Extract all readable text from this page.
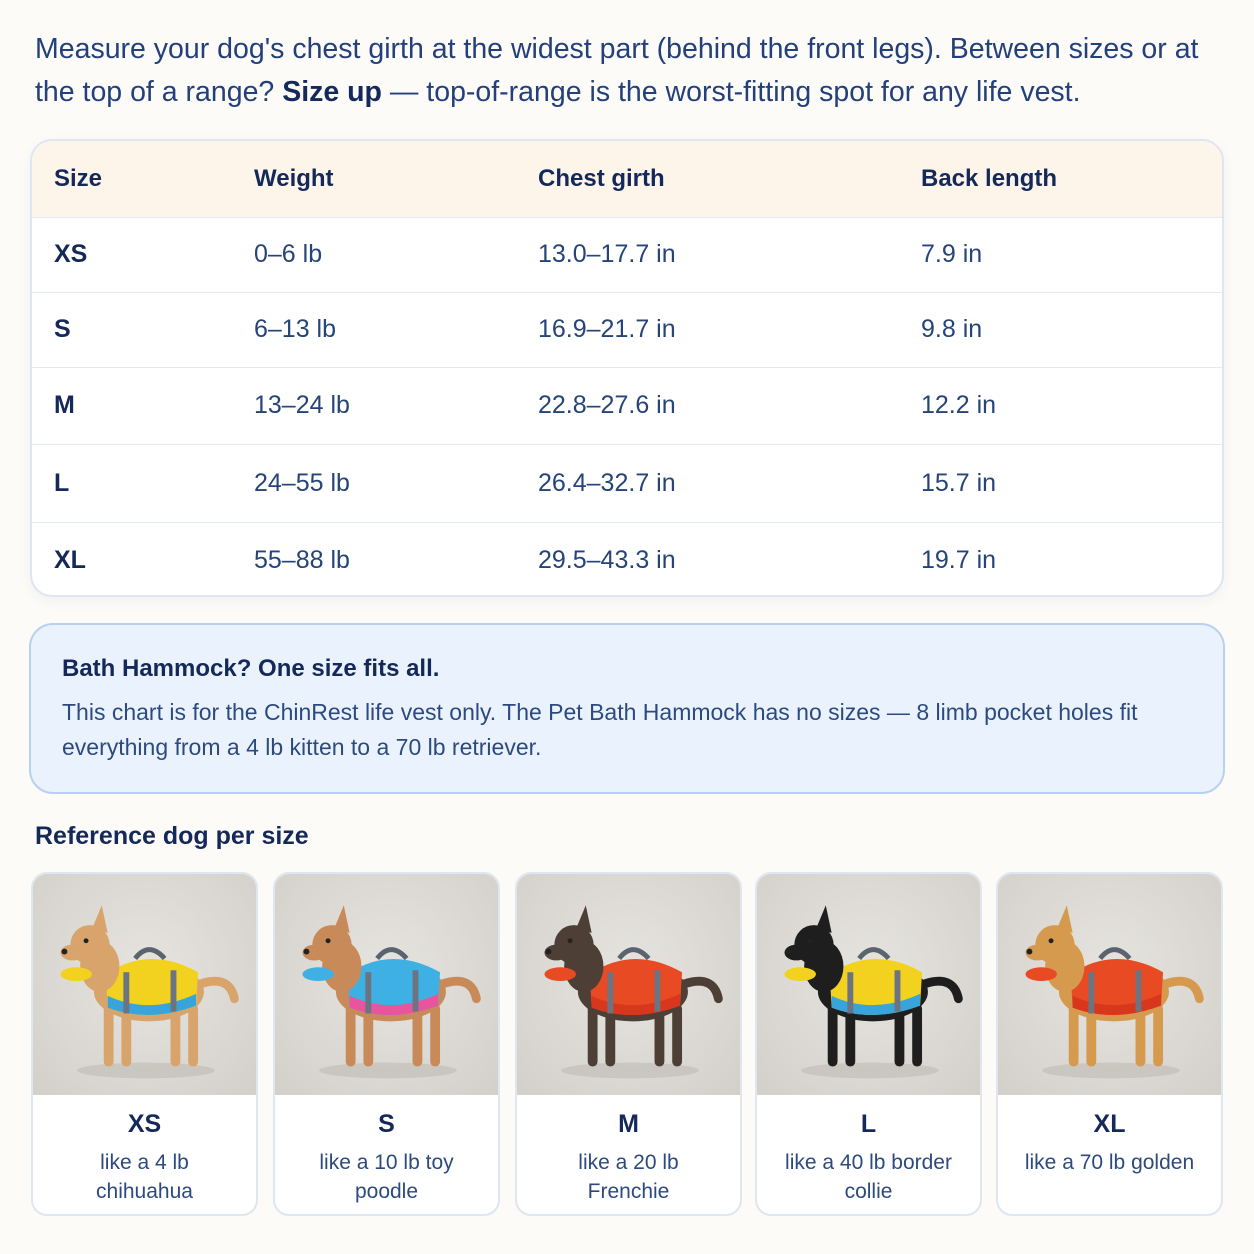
Measure your dog's chest girth at the widest part (behind the front legs). Between sizes or at the top of a range? Size up — top-of-range is the worst-fitting spot for any life vest.

Size	Weight	Chest girth	Back length
XS	0–6 lb	13.0–17.7 in	7.9 in
S	6–13 lb	16.9–21.7 in	9.8 in
M	13–24 lb	22.8–27.6 in	12.2 in
L	24–55 lb	26.4–32.7 in	15.7 in
XL	55–88 lb	29.5–43.3 in	19.7 in
Bath Hammock? One size fits all.
This chart is for the ChinRest life vest only. The Pet Bath Hammock has no sizes — 8 limb pocket holes fit everything from a 4 lb kitten to a 70 lb retriever.
Reference dog per size
XS
like a 4 lb chihuahua
S
like a 10 lb toy poodle
M
like a 20 lb Frenchie
L
like a 40 lb border collie
XL
like a 70 lb golden
